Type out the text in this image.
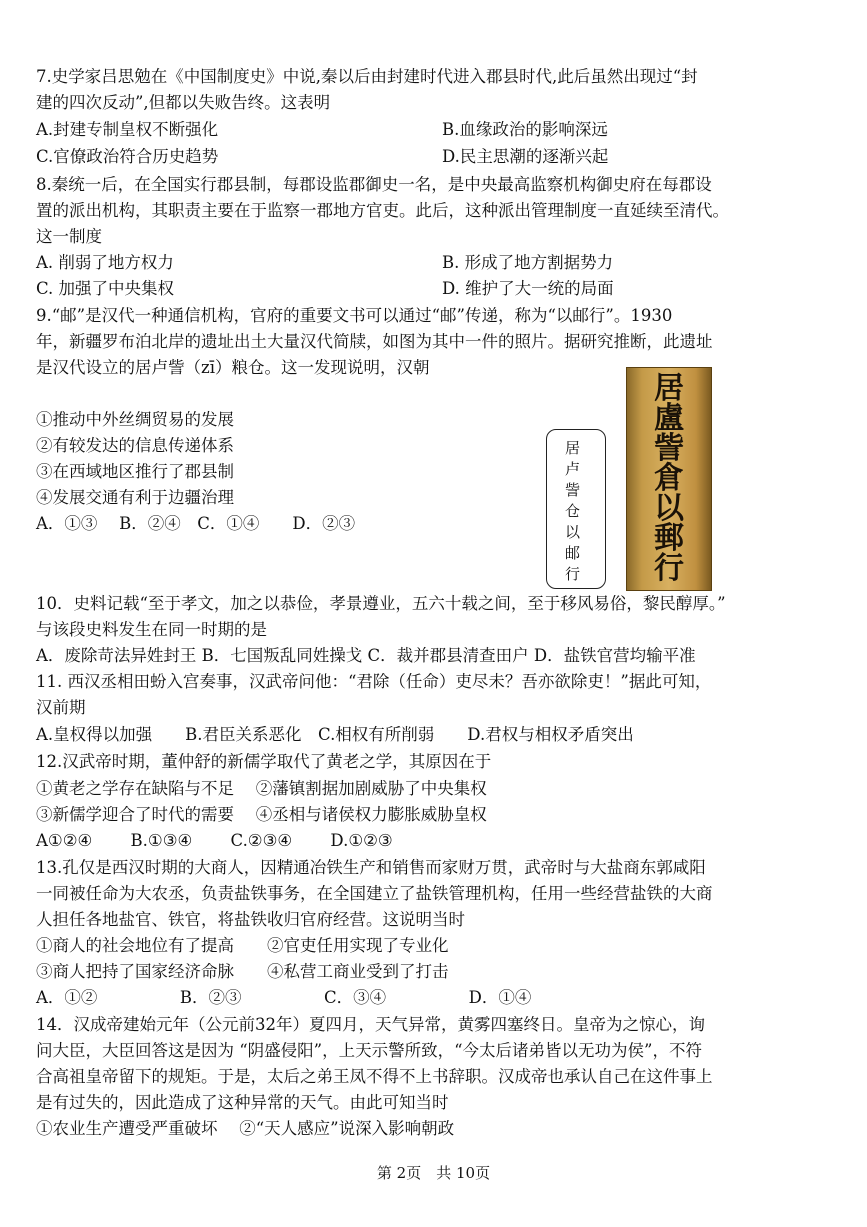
7.史学家吕思勉在《中国制度史》中说,秦以后由封建时代进入郡县时代,此后虽然出现过“封
建的四次反动”,但都以失败告终。这表明
8.秦统一后，在全国实行郡县制，每郡设监郡御史一名，是中央最高监察机构御史府在每郡设
置的派出机构，其职责主要在于监察一郡地方官吏。此后，这种派出管理制度一直延续至清代。
这一制度
9.“邮”是汉代一种通信机构，官府的重要文书可以通过“邮”传递，称为“以邮行”。1930
年，新疆罗布泊北岸的遗址出土大量汉代简牍，如图为其中一件的照片。据研究推断，此遗址
是汉代设立的居卢訾（zī）粮仓。这一发现说明，汉朝
①推动中外丝绸贸易的发展
②有较发达的信息传递体系
③在西域地区推行了郡县制
④发展交通有利于边疆治理
A．①③　 B．②④　C．①④　　D．②③
10．史料记载“至于孝文，加之以恭俭，孝景遵业，五六十载之间，至于移风易俗，黎民醇厚。”
与该段史料发生在同一时期的是
A．废除苛法异姓封王 B．七国叛乱同姓操戈 C．裁并郡县清查田户 D．盐铁官营均输平准
11. 西汉丞相田蚡入宫奏事，汉武帝问他：“君除（任命）吏尽未？吾亦欲除吏！”据此可知，
汉前期
A.皇权得以加强　　B.君臣关系恶化　C.相权有所削弱　　D.君权与相权矛盾突出
12.汉武帝时期，董仲舒的新儒学取代了黄老之学，其原因在于
①黄老之学存在缺陷与不足　 ②藩镇割据加剧威胁了中央集权
③新儒学迎合了时代的需要　 ④丞相与诸侯权力膨胀威胁皇权
A①②④　　 B.①③④　　 C.②③④　　 D.①②③
13.孔仅是西汉时期的大商人，因精通冶铁生产和销售而家财万贯，武帝时与大盐商东郭咸阳
一同被任命为大农丞，负责盐铁事务，在全国建立了盐铁管理机构，任用一些经营盐铁的大商
人担任各地盐官、铁官，将盐铁收归官府经营。这说明当时
①商人的社会地位有了提高　　②官吏任用实现了专业化
③商人把持了国家经济命脉　　④私营工商业受到了打击
A．①②　　　　　B．②③　　　　　C．③④　　　　　D．①④
14．汉成帝建始元年（公元前32年）夏四月，天气异常，黄雾四塞终日。皇帝为之惊心，询
问大臣，大臣回答这是因为 “阴盛侵阳”，上天示警所致，“今太后诸弟皆以无功为侯”，不符
合高祖皇帝留下的规矩。于是，太后之弟王凤不得不上书辞职。汉成帝也承认自己在这件事上
是有过失的，因此造成了这种异常的天气。由此可知当时
①农业生产遭受严重破坏　 ②“天人感应”说深入影响朝政
A.封建专制皇权不断强化	B.血缘政治的影响深远
C.官僚政治符合历史趋势	D.民主思潮的逐渐兴起
A. 削弱了地方权力	B. 形成了地方割据势力
C. 加强了中央集权	D. 维护了大一统的局面
居卢訾仓以邮行
居
盧
訾
倉
以
郵
行
第 2页　共 10页
